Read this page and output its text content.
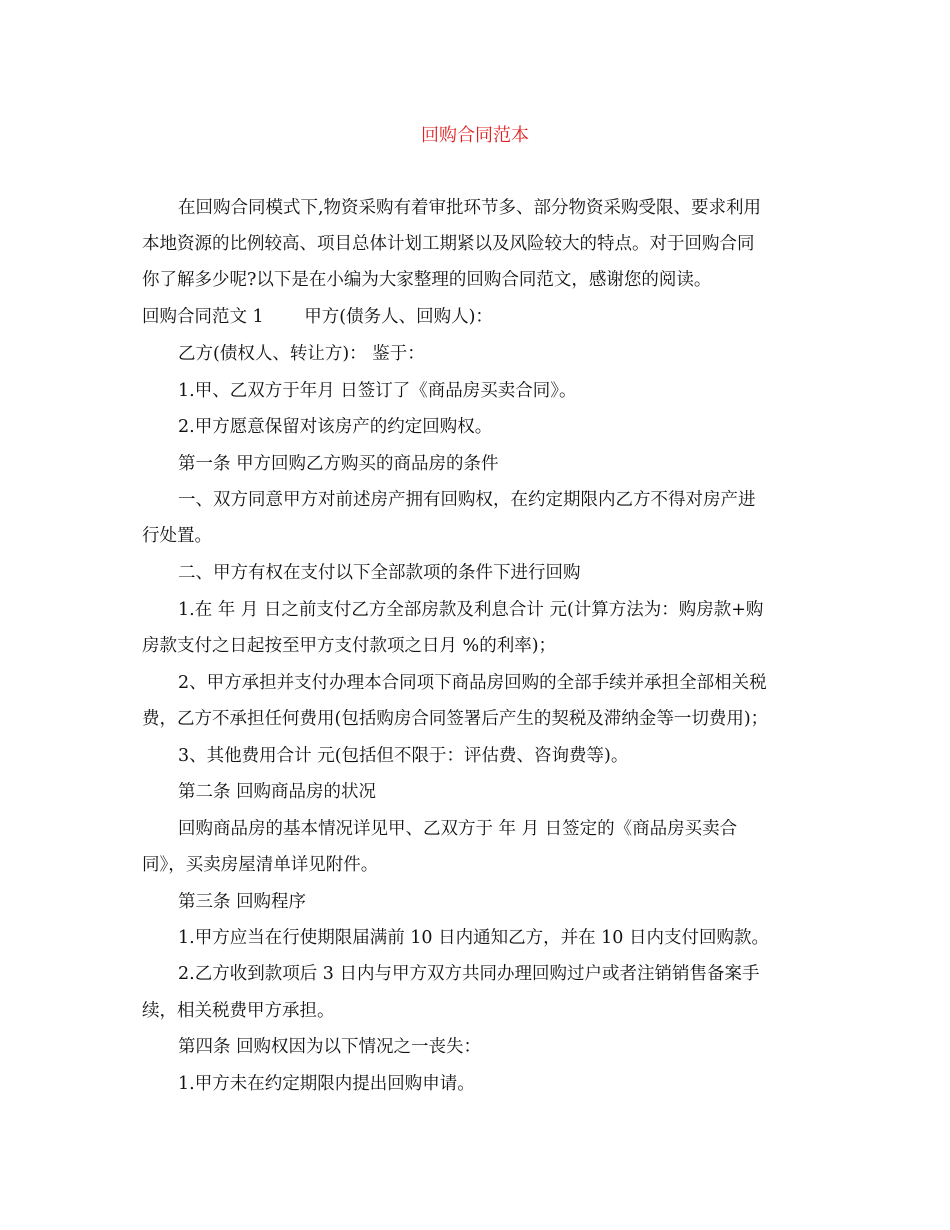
回购合同范本
在回购合同模式下,物资采购有着审批环节多、部分物资采购受限、要求利用
本地资源的比例较高、项目总体计划工期紧以及风险较大的特点。对于回购合同
你了解多少呢?以下是在小编为大家整理的回购合同范文，感谢您的阅读。
回购合同范文 1　　 甲方(债务人、回购人)：
乙方(债权人、转让方)： 鉴于：
1.甲、乙双方于年月 日签订了《商品房买卖合同》。
2.甲方愿意保留对该房产的约定回购权。
第一条 甲方回购乙方购买的商品房的条件
一、双方同意甲方对前述房产拥有回购权，在约定期限内乙方不得对房产进
行处置。
二、甲方有权在支付以下全部款项的条件下进行回购
1.在 年 月 日之前支付乙方全部房款及利息合计 元(计算方法为：购房款+购
房款支付之日起按至甲方支付款项之日月 %的利率)；
2、甲方承担并支付办理本合同项下商品房回购的全部手续并承担全部相关税
费，乙方不承担任何费用(包括购房合同签署后产生的契税及滞纳金等一切费用)；
3、其他费用合计 元(包括但不限于：评估费、咨询费等)。
第二条 回购商品房的状况
回购商品房的基本情况详见甲、乙双方于 年 月 日签定的《商品房买卖合
同》，买卖房屋清单详见附件。
第三条 回购程序
1.甲方应当在行使期限届满前 10 日内通知乙方，并在 10 日内支付回购款。
2.乙方收到款项后 3 日内与甲方双方共同办理回购过户或者注销销售备案手
续，相关税费甲方承担。
第四条 回购权因为以下情况之一丧失：
1.甲方未在约定期限内提出回购申请。
